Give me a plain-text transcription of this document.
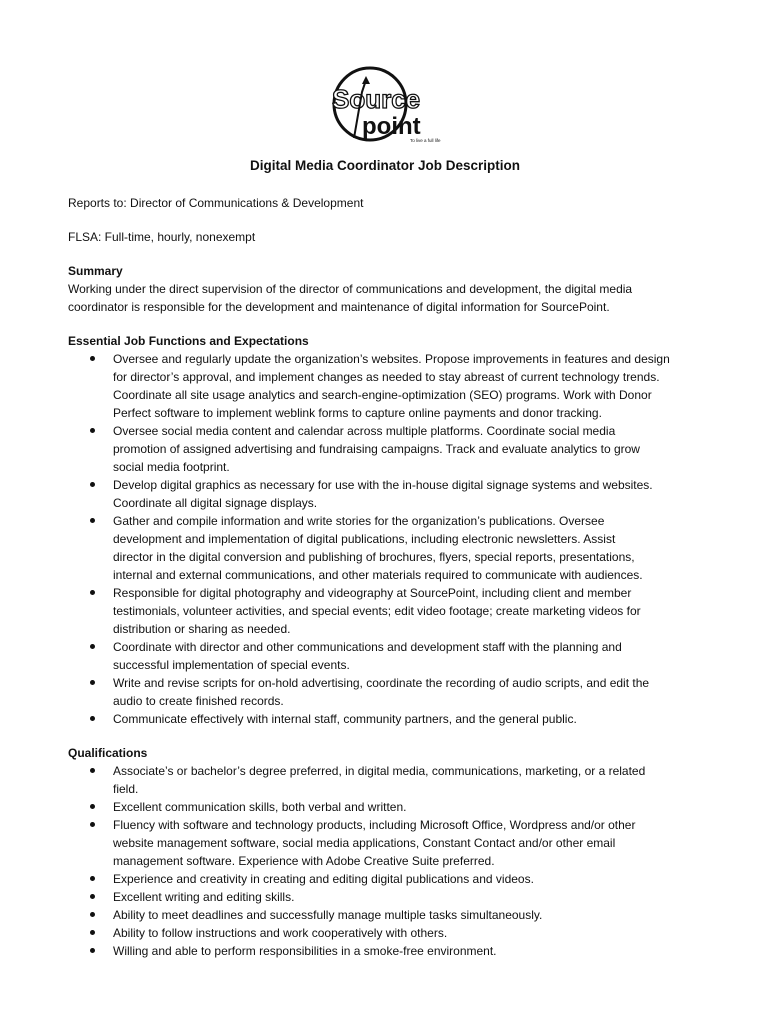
Source
point
To live a full life
Digital Media Coordinator Job Description
Reports to: Director of Communications & Development
FLSA: Full-time, hourly, nonexempt
Summary

Working under the direct supervision of the director of communications and development, the digital media
coordinator is responsible for the development and maintenance of digital information for SourcePoint.

Essential Job Functions and Expectations
Oversee and regularly update the organization’s websites. Propose improvements in features and design
for director’s approval, and implement changes as needed to stay abreast of current technology trends.
Coordinate all site usage analytics and search-engine-optimization (SEO) programs. Work with Donor
Perfect software to implement weblink forms to capture online payments and donor tracking.
Oversee social media content and calendar across multiple platforms. Coordinate social media
promotion of assigned advertising and fundraising campaigns. Track and evaluate analytics to grow
social media footprint.
Develop digital graphics as necessary for use with the in-house digital signage systems and websites.
Coordinate all digital signage displays.
Gather and compile information and write stories for the organization’s publications. Oversee
development and implementation of digital publications, including electronic newsletters. Assist
director in the digital conversion and publishing of brochures, flyers, special reports, presentations,
internal and external communications, and other materials required to communicate with audiences.
Responsible for digital photography and videography at SourcePoint, including client and member
testimonials, volunteer activities, and special events; edit video footage; create marketing videos for
distribution or sharing as needed.
Coordinate with director and other communications and development staff with the planning and
successful implementation of special events.
Write and revise scripts for on-hold advertising, coordinate the recording of audio scripts, and edit the
audio to create finished records.
Communicate effectively with internal staff, community partners, and the general public.
Qualifications
Associate’s or bachelor’s degree preferred, in digital media, communications, marketing, or a related
field.
Excellent communication skills, both verbal and written.
Fluency with software and technology products, including Microsoft Office, Wordpress and/or other
website management software, social media applications, Constant Contact and/or other email
management software. Experience with Adobe Creative Suite preferred.
Experience and creativity in creating and editing digital publications and videos.
Excellent writing and editing skills.
Ability to meet deadlines and successfully manage multiple tasks simultaneously.
Ability to follow instructions and work cooperatively with others.
Willing and able to perform responsibilities in a smoke-free environment.
